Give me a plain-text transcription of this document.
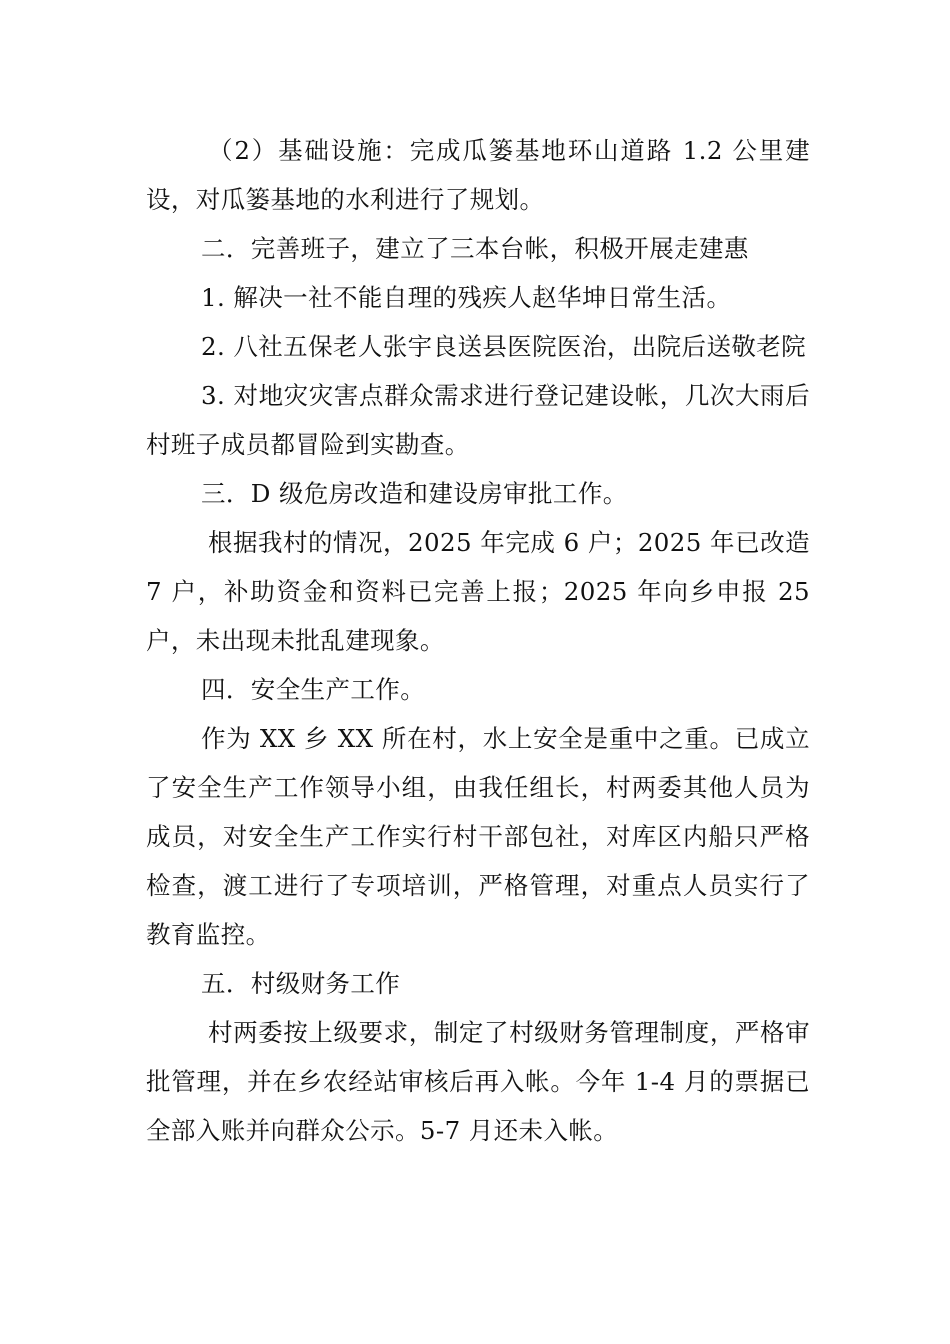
（2）基础设施：完成瓜篓基地环山道路 1.2 公里建设，对瓜篓基地的水利进行了规划。

二．完善班子，建立了三本台帐，积极开展走建惠

1. 解决一社不能自理的残疾人赵华坤日常生活。

2. 八社五保老人张宇良送县医院医治，出院后送敬老院

3. 对地灾灾害点群众需求进行登记建设帐，几次大雨后村班子成员都冒险到实勘查。

三．D 级危房改造和建设房审批工作。

根据我村的情况，2025 年完成 6 户；2025 年已改造 7 户，补助资金和资料已完善上报；2025 年向乡申报 25 户，未出现未批乱建现象。

四．安全生产工作。

作为 XX 乡 XX 所在村，水上安全是重中之重。已成立了安全生产工作领导小组，由我任组长，村两委其他人员为成员，对安全生产工作实行村干部包社，对库区内船只严格检查，渡工进行了专项培训，严格管理，对重点人员实行了教育监控。

五．村级财务工作

村两委按上级要求，制定了村级财务管理制度，严格审批管理，并在乡农经站审核后再入帐。今年 1-4 月的票据已全部入账并向群众公示。5-7 月还未入帐。
